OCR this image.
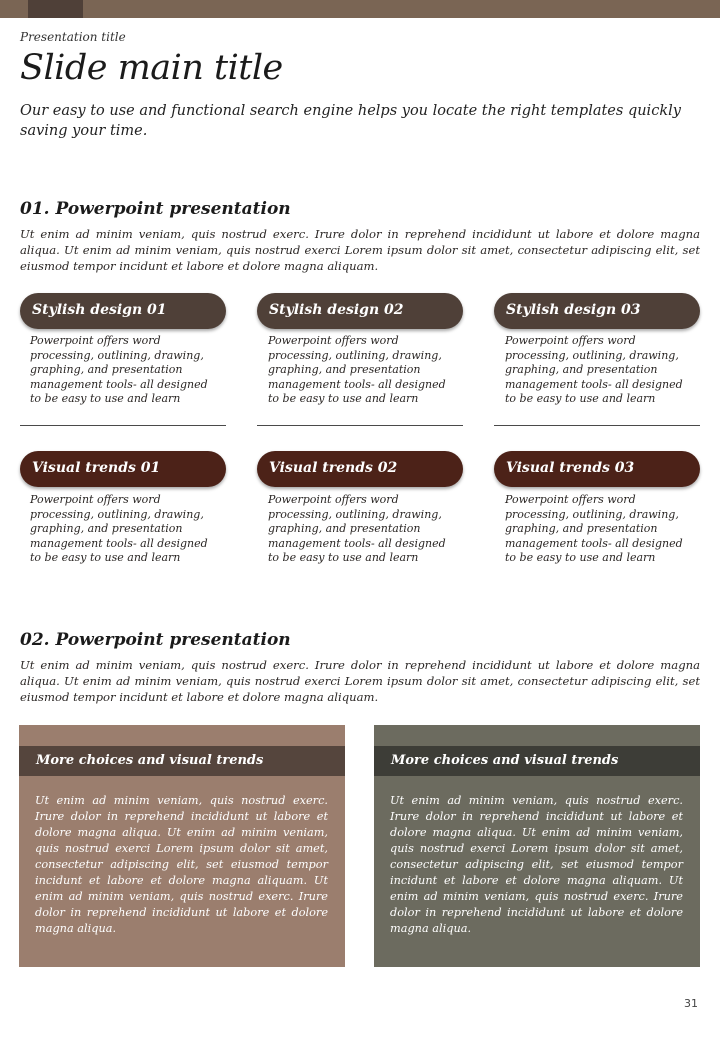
Presentation title
Slide main title
Our easy to use and functional search engine helps you locate the right templates quickly saving your time.
01. Powerpoint presentation
Ut enim ad minim veniam, quis nostrud exerc. Irure dolor in reprehend incididunt ut labore et dolore magna aliqua. Ut enim ad minim veniam, quis nostrud exerci Lorem ipsum dolor sit amet, consectetur adipiscing elit, set eiusmod tempor incidunt et labore et dolore magna aliquam.
Stylish design 01	Stylish design 02	Stylish design 03
Powerpoint offers word processing, outlining, drawing, graphing, and presentation management tools- all designed to be easy to use and learn
Powerpoint offers word processing, outlining, drawing, graphing, and presentation management tools- all designed to be easy to use and learn
Powerpoint offers word processing, outlining, drawing, graphing, and presentation management tools- all designed to be easy to use and learn
Visual trends 01	Visual trends 02	Visual trends 03
Powerpoint offers word processing, outlining, drawing, graphing, and presentation management tools- all designed to be easy to use and learn
Powerpoint offers word processing, outlining, drawing, graphing, and presentation management tools- all designed to be easy to use and learn
Powerpoint offers word processing, outlining, drawing, graphing, and presentation management tools- all designed to be easy to use and learn
02. Powerpoint presentation
Ut enim ad minim veniam, quis nostrud exerc. Irure dolor in reprehend incididunt ut labore et dolore magna aliqua. Ut enim ad minim veniam, quis nostrud exerci Lorem ipsum dolor sit amet, consectetur adipiscing elit, set eiusmod tempor incidunt et labore et dolore magna aliquam.
More choices and visual trends
Ut enim ad minim veniam, quis nostrud exerc. Irure dolor in reprehend incididunt ut labore et dolore magna aliqua. Ut enim ad minim veniam, quis nostrud exerci Lorem ipsum dolor sit amet, consectetur adipiscing elit, set eiusmod tempor incidunt et labore et dolore magna aliquam. Ut enim ad minim veniam, quis nostrud exerc. Irure dolor in reprehend incididunt ut labore et dolore magna aliqua.
More choices and visual trends
Ut enim ad minim veniam, quis nostrud exerc. Irure dolor in reprehend incididunt ut labore et dolore magna aliqua. Ut enim ad minim veniam, quis nostrud exerci Lorem ipsum dolor sit amet, consectetur adipiscing elit, set eiusmod tempor incidunt et labore et dolore magna aliquam. Ut enim ad minim veniam, quis nostrud exerc. Irure dolor in reprehend incididunt ut labore et dolore magna aliqua.
31
